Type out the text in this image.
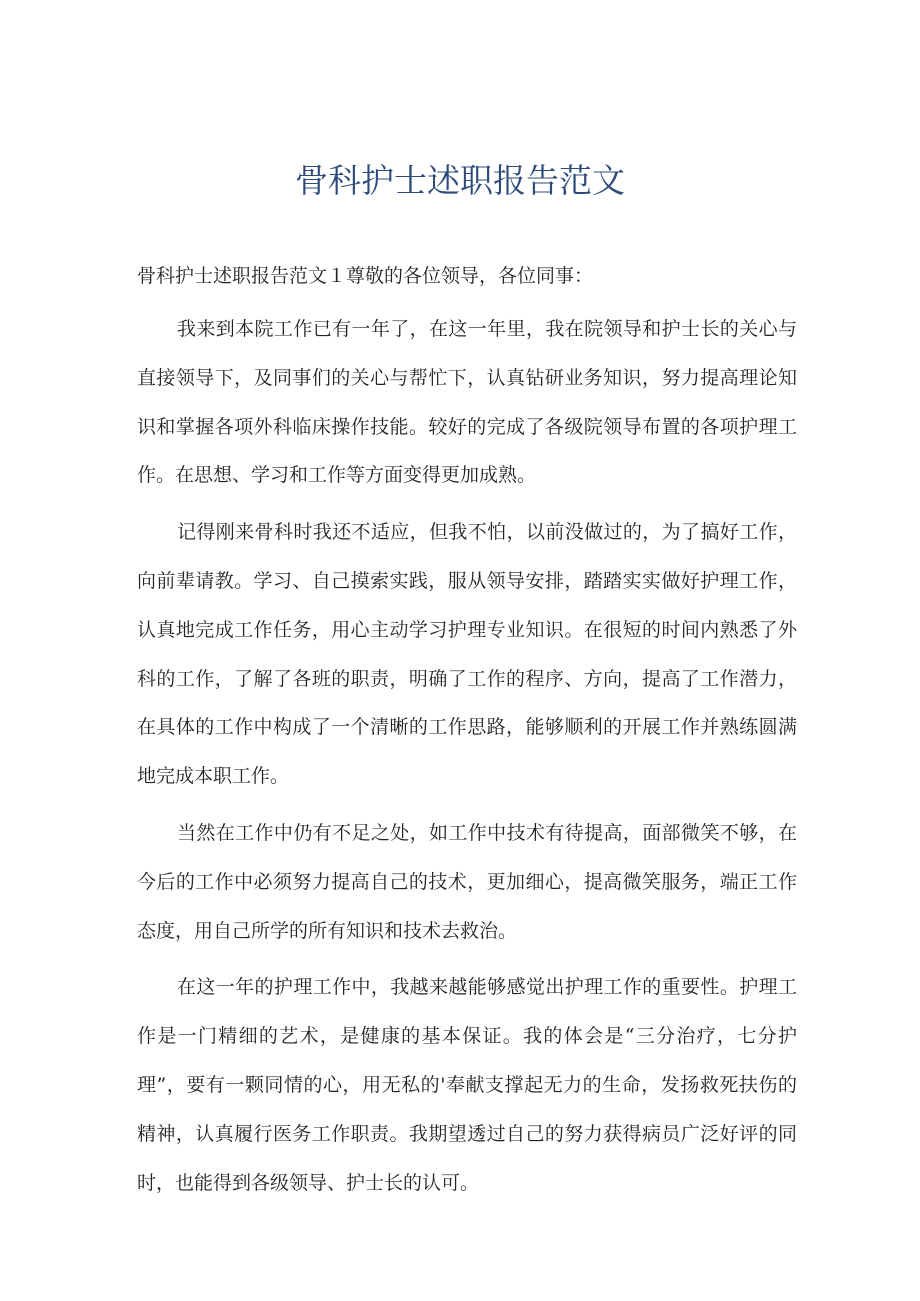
骨科护士述职报告范文
骨科护士述职报告范文１尊敬的各位领导，各位同事：

我来到本院工作已有一年了，在这一年里，我在院领导和护士长的关心与直接领导下，及同事们的关心与帮忙下，认真钻研业务知识，努力提高理论知识和掌握各项外科临床操作技能。较好的完成了各级院领导布置的各项护理工作。在思想、学习和工作等方面变得更加成熟。

记得刚来骨科时我还不适应，但我不怕，以前没做过的，为了搞好工作，向前辈请教。学习、自己摸索实践，服从领导安排，踏踏实实做好护理工作，认真地完成工作任务，用心主动学习护理专业知识。在很短的时间内熟悉了外科的工作，了解了各班的职责，明确了工作的程序、方向，提高了工作潜力，在具体的工作中构成了一个清晰的工作思路，能够顺利的开展工作并熟练圆满地完成本职工作。

当然在工作中仍有不足之处，如工作中技术有待提高，面部微笑不够，在今后的工作中必须努力提高自己的技术，更加细心，提高微笑服务，端正工作态度，用自己所学的所有知识和技术去救治。

在这一年的护理工作中，我越来越能够感觉出护理工作的重要性。护理工作是一门精细的艺术，是健康的基本保证。我的体会是“三分治疗，七分护理”，要有一颗同情的心，用无私的'奉献支撑起无力的生命，发扬救死扶伤的精神，认真履行医务工作职责。我期望透过自己的努力获得病员广泛好评的同时，也能得到各级领导、护士长的认可。
